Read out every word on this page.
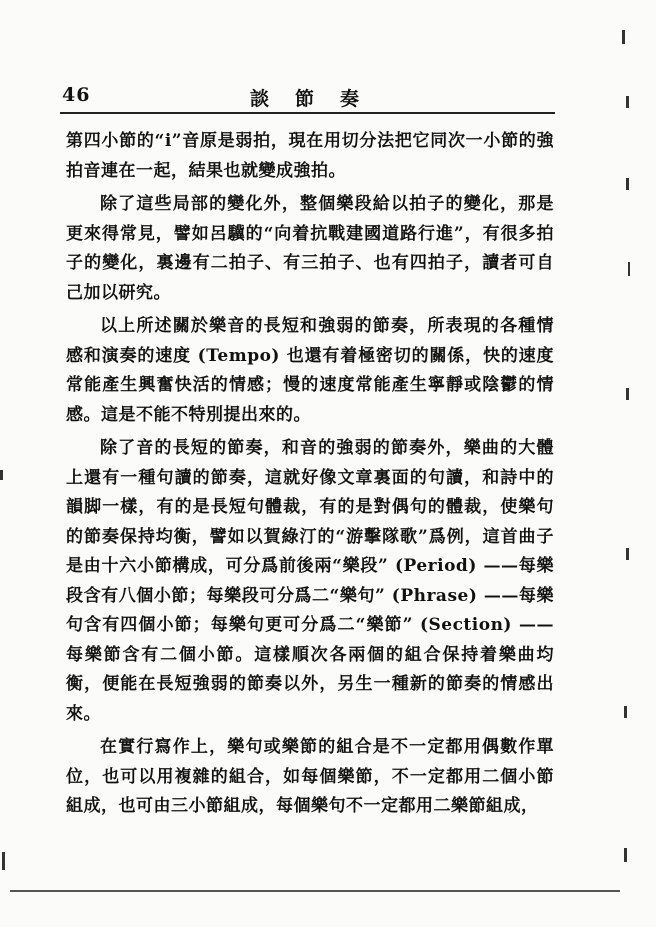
46	談節奏

第四小節的“i”音原是弱拍，現在用切分法把它同次一小節的強拍音連在一起，結果也就變成強拍。

除了這些局部的變化外，整個樂段給以拍子的變化，那是更來得常見，譬如呂驥的“向着抗戰建國道路行進”，有很多拍子的變化，裏邊有二拍子、有三拍子、也有四拍子，讀者可自己加以研究。

以上所述關於樂音的長短和強弱的節奏，所表現的各種情感和演奏的速度 (Tempo) 也還有着極密切的關係，快的速度常能產生興奮快活的情感；慢的速度常能產生寧靜或陰鬱的情感。這是不能不特別提出來的。

除了音的長短的節奏，和音的強弱的節奏外，樂曲的大體上還有一種句讀的節奏，這就好像文章裏面的句讀，和詩中的韻脚一樣，有的是長短句體裁，有的是對偶句的體裁，使樂句的節奏保持均衡，譬如以賀綠汀的“游擊隊歌”爲例，這首曲子是由十六小節構成，可分爲前後兩“樂段” (Period) ——每樂段含有八個小節；每樂段可分爲二“樂句” (Phrase) ——每樂句含有四個小節；每樂句更可分爲二“樂節” (Section) ——每樂節含有二個小節。這樣順次各兩個的組合保持着樂曲均衡，便能在長短強弱的節奏以外，另生一種新的節奏的情感出來。

在實行寫作上，樂句或樂節的組合是不一定都用偶數作單位，也可以用複雜的組合，如每個樂節，不一定都用二個小節組成，也可由三小節組成，每個樂句不一定都用二樂節組成，
